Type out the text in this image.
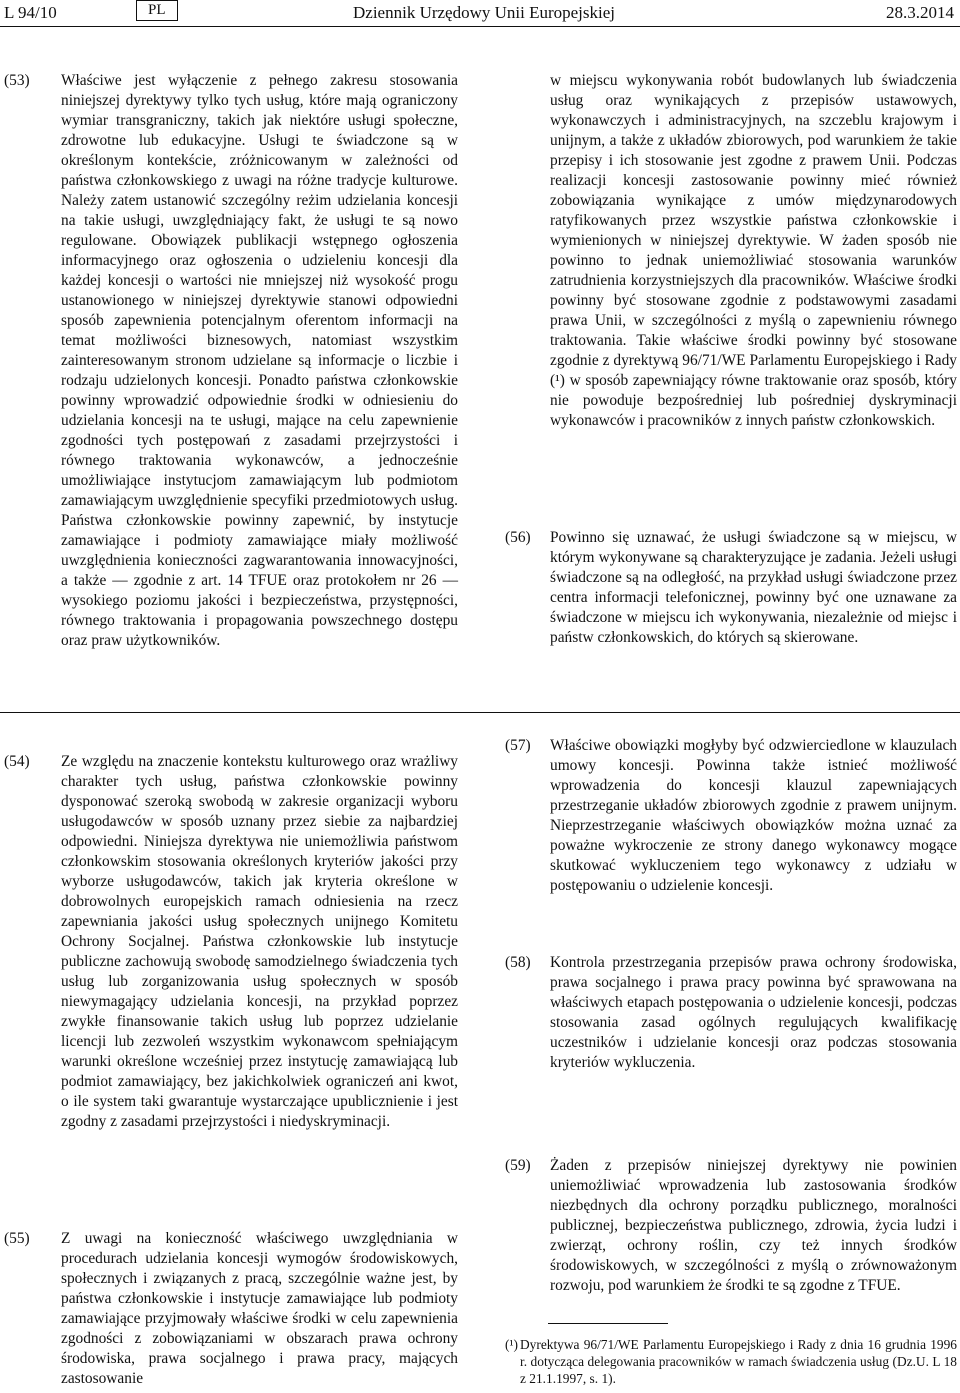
L 94/10	PL	Dziennik Urzędowy Unii Europejskiej	28.3.2014
(53) Właściwe jest wyłączenie z pełnego zakresu stosowania niniejszej dyrektywy tylko tych usług, które mają ograniczony wymiar transgraniczny, takich jak niektóre usługi społeczne, zdrowotne lub edukacyjne. Usługi te świadczone są w określonym kontekście, zróżnicowanym w zależności od państwa członkowskiego z uwagi na różne tradycje kulturowe. Należy zatem ustanowić szczególny reżim udzielania koncesji na takie usługi, uwzględniający fakt, że usługi te są nowo regulowane. Obowiązek publikacji wstępnego ogłoszenia informacyjnego oraz ogłoszenia o udzieleniu koncesji dla każdej koncesji o wartości nie mniejszej niż wysokość progu ustanowionego w niniejszej dyrektywie stanowi odpowiedni sposób zapewnienia potencjalnym oferentom informacji na temat możliwości biznesowych, natomiast wszystkim zainteresowanym stronom udzielane są informacje o liczbie i rodzaju udzielonych koncesji. Ponadto państwa członkowskie powinny wprowadzić odpowiednie środki w odniesieniu do udzielania koncesji na te usługi, mające na celu zapewnienie zgodności tych postępowań z zasadami przejrzystości i równego traktowania wykonawców, a jednocześnie umożliwiające instytucjom zamawiającym lub podmiotom zamawiającym uwzględnienie specyfiki przedmiotowych usług. Państwa członkowskie powinny zapewnić, by instytucje zamawiające i podmioty zamawiające miały możliwość uwzględnienia konieczności zagwarantowania innowacyjności, a także — zgodnie z art. 14 TFUE oraz protokołem nr 26 — wysokiego poziomu jakości i bezpieczeństwa, przystępności, równego traktowania i propagowania powszechnego dostępu oraz praw użytkowników.
w miejscu wykonywania robót budowlanych lub świadczenia usług oraz wynikających z przepisów ustawowych, wykonawczych i administracyjnych, na szczeblu krajowym i unijnym, a także z układów zbiorowych, pod warunkiem że takie przepisy i ich stosowanie jest zgodne z prawem Unii. Podczas realizacji koncesji zastosowanie powinny mieć również zobowiązania wynikające z umów międzynarodowych ratyfikowanych przez wszystkie państwa członkowskie i wymienionych w niniejszej dyrektywie. W żaden sposób nie powinno to jednak uniemożliwiać stosowania warunków zatrudnienia korzystniejszych dla pracowników. Właściwe środki powinny być stosowane zgodnie z podstawowymi zasadami prawa Unii, w szczególności z myślą o zapewnieniu równego traktowania. Takie właściwe środki powinny być stosowane zgodnie z dyrektywą 96/71/WE Parlamentu Europejskiego i Rady (¹) w sposób zapewniający równe traktowanie oraz sposób, który nie powoduje bezpośredniej lub pośredniej dyskryminacji wykonawców i pracowników z innych państw członkowskich.
(56) Powinno się uznawać, że usługi świadczone są w miejscu, w którym wykonywane są charakteryzujące je zadania. Jeżeli usługi świadczone są na odległość, na przykład usługi świadczone przez centra informacji telefonicznej, powinny być one uznawane za świadczone w miejscu ich wykonywania, niezależnie od miejsc i państw członkowskich, do których są skierowane.
(54) Ze względu na znaczenie kontekstu kulturowego oraz wrażliwy charakter tych usług, państwa członkowskie powinny dysponować szeroką swobodą w zakresie organizacji wyboru usługodawców w sposób uznany przez siebie za najbardziej odpowiedni. Niniejsza dyrektywa nie uniemożliwia państwom członkowskim stosowania określonych kryteriów jakości przy wyborze usługodawców, takich jak kryteria określone w dobrowolnych europejskich ramach odniesienia na rzecz zapewniania jakości usług społecznych unijnego Komitetu Ochrony Socjalnej. Państwa członkowskie lub instytucje publiczne zachowują swobodę samodzielnego świadczenia tych usług lub zorganizowania usług społecznych w sposób niewymagający udzielania koncesji, na przykład poprzez zwykłe finansowanie takich usług lub poprzez udzielanie licencji lub zezwoleń wszystkim wykonawcom spełniającym warunki określone wcześniej przez instytucję zamawiającą lub podmiot zamawiający, bez jakichkolwiek ograniczeń ani kwot, o ile system taki gwarantuje wystarczające upublicznienie i jest zgodny z zasadami przejrzystości i niedyskryminacji.
(57) Właściwe obowiązki mogłyby być odzwierciedlone w klauzulach umowy koncesji. Powinna także istnieć możliwość wprowadzenia do koncesji klauzul zapewniających przestrzeganie układów zbiorowych zgodnie z prawem unijnym. Nieprzestrzeganie właściwych obowiązków można uznać za poważne wykroczenie ze strony danego wykonawcy mogące skutkować wykluczeniem tego wykonawcy z udziału w postępowaniu o udzielenie koncesji.
(58) Kontrola przestrzegania przepisów prawa ochrony środowiska, prawa socjalnego i prawa pracy powinna być sprawowana na właściwych etapach postępowania o udzielenie koncesji, podczas stosowania zasad ogólnych regulujących kwalifikację uczestników i udzielanie koncesji oraz podczas stosowania kryteriów wykluczenia.
(55) Z uwagi na konieczność właściwego uwzględniania w procedurach udzielania koncesji wymogów środowiskowych, społecznych i związanych z pracą, szczególnie ważne jest, by państwa członkowskie i instytucje zamawiające lub podmioty zamawiające przyjmowały właściwe środki w celu zapewnienia zgodności z zobowiązaniami w obszarach prawa ochrony środowiska, prawa socjalnego i prawa pracy, mających zastosowanie
(59) Żaden z przepisów niniejszej dyrektywy nie powinien uniemożliwiać wprowadzenia lub zastosowania środków niezbędnych dla ochrony porządku publicznego, moralności publicznej, bezpieczeństwa publicznego, zdrowia, życia ludzi i zwierząt, ochrony roślin, czy też innych środków środowiskowych, w szczególności z myślą o zrównoważonym rozwoju, pod warunkiem że środki te są zgodne z TFUE.
(¹) Dyrektywa 96/71/WE Parlamentu Europejskiego i Rady z dnia 16 grudnia 1996 r. dotycząca delegowania pracowników w ramach świadczenia usług (Dz.U. L 18 z 21.1.1997, s. 1).
